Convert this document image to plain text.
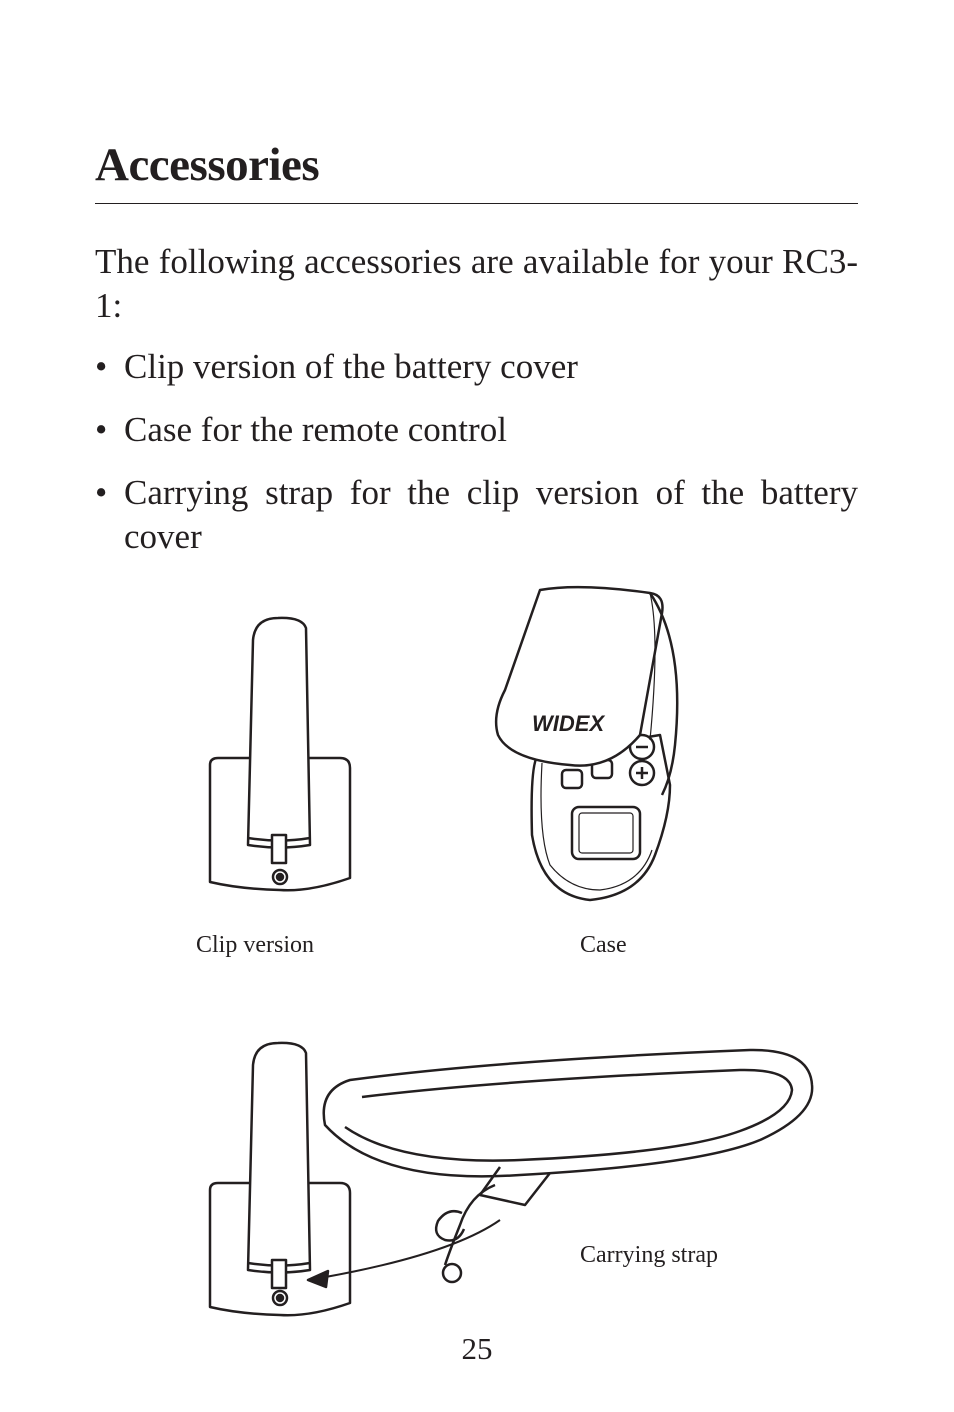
Accessories

The following accessories are available for your RC3-1:

• Clip version of the battery cover
• Case for the remote control
• Carrying strap for the clip version of the battery cover
WIDEX
Clip version	Case
Carrying strap
25
